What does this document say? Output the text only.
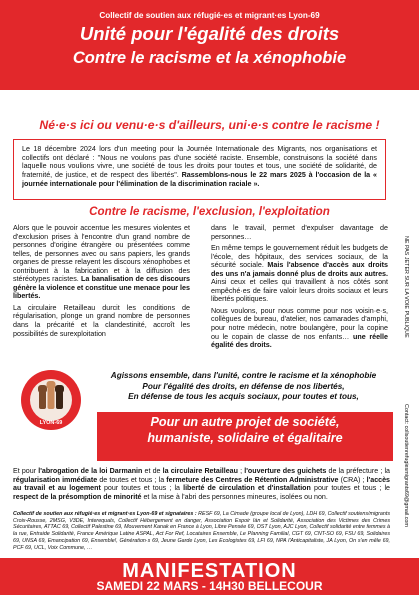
Collectif de soutien aux réfugié·es et migrant·es Lyon-69
Unité pour l'égalité des droits
Contre le racisme et la xénophobie
Né·e·s ici ou venu·e·s d'ailleurs, uni·e·s contre le racisme !
Le 18 décembre 2024 lors d'un meeting pour la Journée Internationale des Migrants, nos organisations et collectifs ont déclaré : "Nous ne voulons pas d'une société raciste. Ensemble, construisons la société dans laquelle nous voulions vivre, une société de tous les droits pour toutes et tous, une société de solidarité, de fraternité, de justice, et de respect des libertés". Rassemblons-nous le 22 mars 2025 à l'occasion de la « journée internationale pour l'élimination de la discrimination raciale ».
Contre le racisme, l'exclusion, l'exploitation

Alors que le pouvoir accentue les mesures violentes et d'exclusion prises à l'encontre d'un grand nombre de personnes d'origine étrangère ou présentées comme telles, de personnes avec ou sans papiers, les grands organes de presse relayent les discours xénophobes et contribuent à la fabrication et à la diffusion des stéréotypes racistes. La banalisation de ces discours génère la violence et constitue une menace pour les libertés.

La circulaire Retailleau durcit les conditions de régularisation, plonge un grand nombre de personnes dans la précarité et la clandestinité, accroît les possibilités de surexploitation

dans le travail, permet d'expulser davantage de personnes…

En même temps le gouvernement réduit les budgets de l'école, des hôpitaux, des services sociaux, de la sécurité sociale. Mais l'absence d'accès aux droits des uns n'a jamais donné plus de droits aux autres. Ainsi ceux et celles qui travaillent à nos côtés sont empêché·es de faire valoir leurs droits sociaux et leurs libertés politiques.

Nous voulons, pour nous comme pour nos voisin·e·s, collègues de bureau, d'atelier, nos camarades d'amphi, pour notre médecin, notre boulangère, pour la copine ou le copain de classe de nos enfants… une réelle égalité des droits.

LYON-69
Agissons ensemble, dans l'unité, contre le racisme et la xénophobie
Pour l'égalité des droits, en défense de nos libertés,
En défense de tous les acquis sociaux, pour toutes et tous,
Pour un autre projet de société,
humaniste, solidaire et égalitaire
Et pour l'abrogation de la loi Darmanin et de la circulaire Retailleau ; l'ouverture des guichets de la préfecture ; la régularisation immédiate de toutes et tous ; la fermeture des Centres de Rétention Administrative (CRA) ; l'accès au travail et au logement pour toutes et tous ; la liberté de circulation et d'installation pour toutes et tous ; le respect de la présomption de minorité et la mise à l'abri des personnes mineures, isolées ou non.
Collectif de soutien aux réfugié·es et migrant·es Lyon-69 et signataires : RESF 69, La Cimade (groupe local de Lyon), LDH 69, Collectif soutiens/migrants Croix-Rousse, 2MSG, V3DE, Interequals, Collectif Hébergement en danger, Association Espoir Iàn et Solidarité, Association des Victimes des Crimes Sécuritaires, ATTAC 69, Collectif Palestine 69, Mouvement Kanak en France à Lyon, Libre Pensée 69, OST Lyon, AJC Lyon, Collectif solidarité entre femmes à la rue, Entraide Solidarité, France Amérique Latine ASPAL, Act For Ref, Locataires Ensemble, Le Planning Familial, CGT 69, CNT-SO 69, FSU 69, Solidaires 69, UNSA 69, Emancipation 69, Ensemble!, Génération·s 69, Jeune Garde Lyon, Les Ecologistes 69, LFI 69, NPA l'Anticapitaliste, JA Lyon, On s'en mêle 69, PCF 69, UCL, Voix Commune, …
MANIFESTATION
SAMEDI 22 MARS - 14H30 BELLECOUR
NE PAS JETER SUR LA VOIE PUBLIQUE
Contact: collsoutienrefugiesmigrants69@gmail.com
